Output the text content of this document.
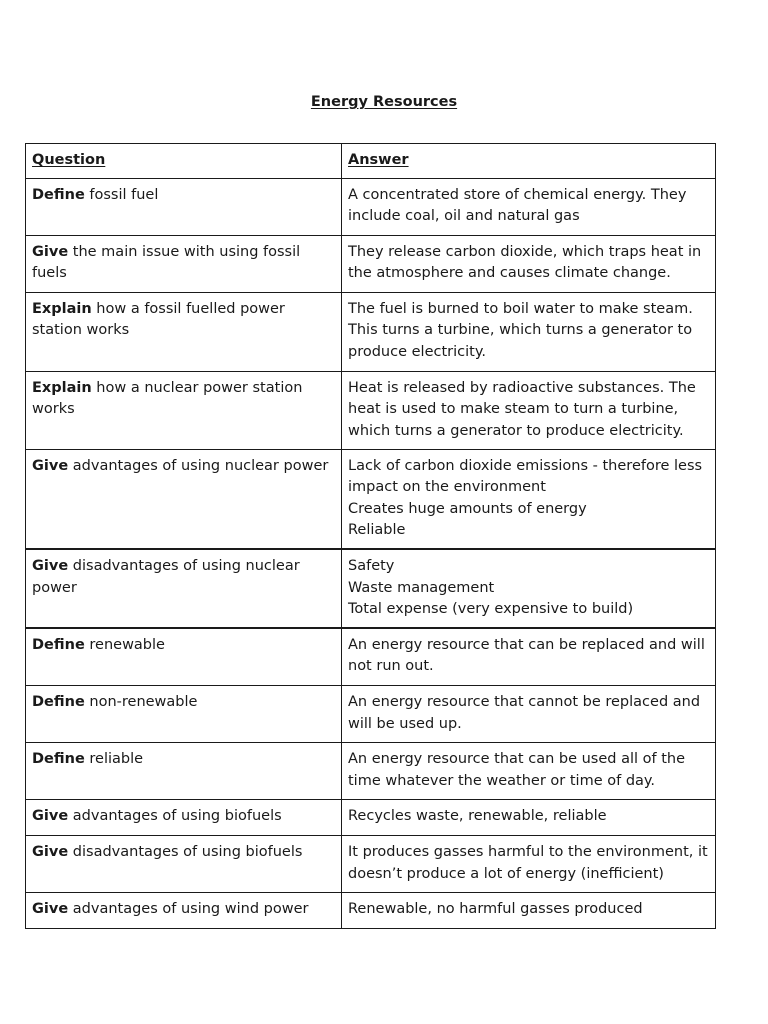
Energy Resources
Question	Answer
Define fossil fuel	A concentrated store of chemical energy. They include coal, oil and natural gas

Give the main issue with using fossil fuels	They release carbon dioxide, which traps heat in the atmosphere and causes climate change.

Explain how a fossil fuelled power station works	The fuel is burned to boil water to make steam. This turns a turbine, which turns a generator to produce electricity.

Explain how a nuclear power station works	Heat is released by radioactive substances. The heat is used to make steam to turn a turbine, which turns a generator to produce electricity.

Give advantages of using nuclear power	Lack of carbon dioxide emissions - therefore less impact on the environment
Creates huge amounts of energy
Reliable

Give disadvantages of using nuclear power	Safety
Waste management
Total expense (very expensive to build)

Define renewable	An energy resource that can be replaced and will not run out.

Define non-renewable	An energy resource that cannot be replaced and will be used up.

Define reliable	An energy resource that can be used all of the time whatever the weather or time of day.

Give advantages of using biofuels	Recycles waste, renewable, reliable

Give disadvantages of using biofuels	It produces gasses harmful to the environment, it doesn’t produce a lot of energy (inefficient)

Give advantages of using wind power	Renewable, no harmful gasses produced
